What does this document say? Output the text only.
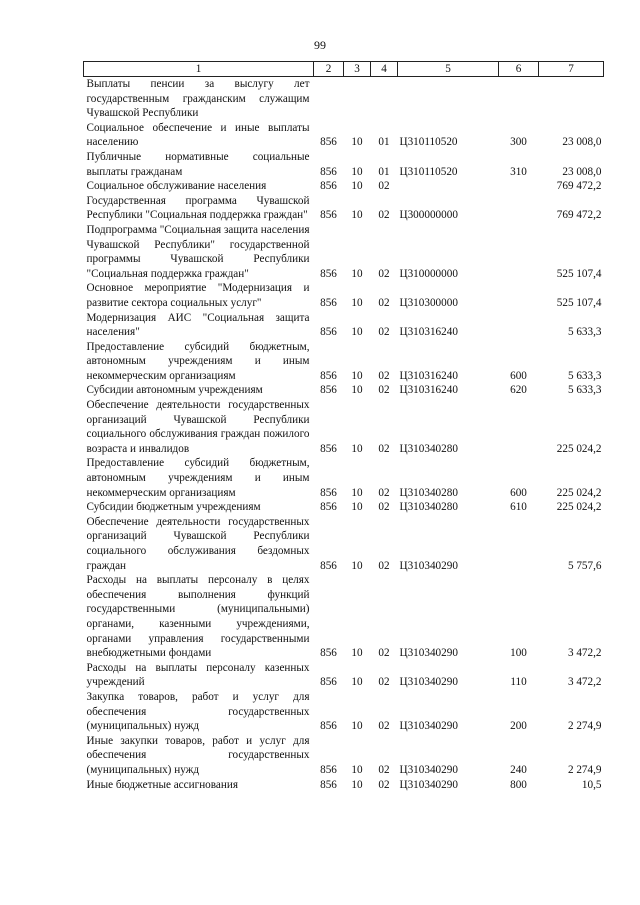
99
1	2	3	4	5	6	7
Выплаты пенсии за выслугу лет государственным гражданским служащим Чувашской Республики						
Социальное обеспечение и иные выплаты населению	856	10	01	Ц310110520	300	23 008,0
Публичные нормативные социальные выплаты гражданам	856	10	01	Ц310110520	310	23 008,0
Социальное обслуживание населения	856	10	02			769 472,2
Государственная программа Чувашской Республики "Социальная поддержка граждан"	856	10	02	Ц300000000		769 472,2
Подпрограмма "Социальная защита населения Чувашской Республики" государственной программы Чувашской Республики "Социальная поддержка граждан"	856	10	02	Ц310000000		525 107,4
Основное мероприятие "Модернизация и развитие сектора социальных услуг"	856	10	02	Ц310300000		525 107,4
Модернизация АИС "Социальная защита населения"	856	10	02	Ц310316240		5 633,3
Предоставление субсидий бюджетным, автономным учреждениям и иным некоммерческим организациям	856	10	02	Ц310316240	600	5 633,3
Субсидии автономным учреждениям	856	10	02	Ц310316240	620	5 633,3
Обеспечение деятельности государственных организаций Чувашской Республики социального обслуживания граждан пожилого возраста и инвалидов	856	10	02	Ц310340280		225 024,2
Предоставление субсидий бюджетным, автономным учреждениям и иным некоммерческим организациям	856	10	02	Ц310340280	600	225 024,2
Субсидии бюджетным учреждениям	856	10	02	Ц310340280	610	225 024,2
Обеспечение деятельности государственных организаций Чувашской Республики социального обслуживания бездомных граждан	856	10	02	Ц310340290		5 757,6
Расходы на выплаты персоналу в целях обеспечения выполнения функций государственными (муниципальными) органами, казенными учреждениями, органами управления государственными внебюджетными фондами	856	10	02	Ц310340290	100	3 472,2
Расходы на выплаты персоналу казенных учреждений	856	10	02	Ц310340290	110	3 472,2
Закупка товаров, работ и услуг для обеспечения государственных (муниципальных) нужд	856	10	02	Ц310340290	200	2 274,9
Иные закупки товаров, работ и услуг для обеспечения государственных (муниципальных) нужд	856	10	02	Ц310340290	240	2 274,9
Иные бюджетные ассигнования	856	10	02	Ц310340290	800	10,5
